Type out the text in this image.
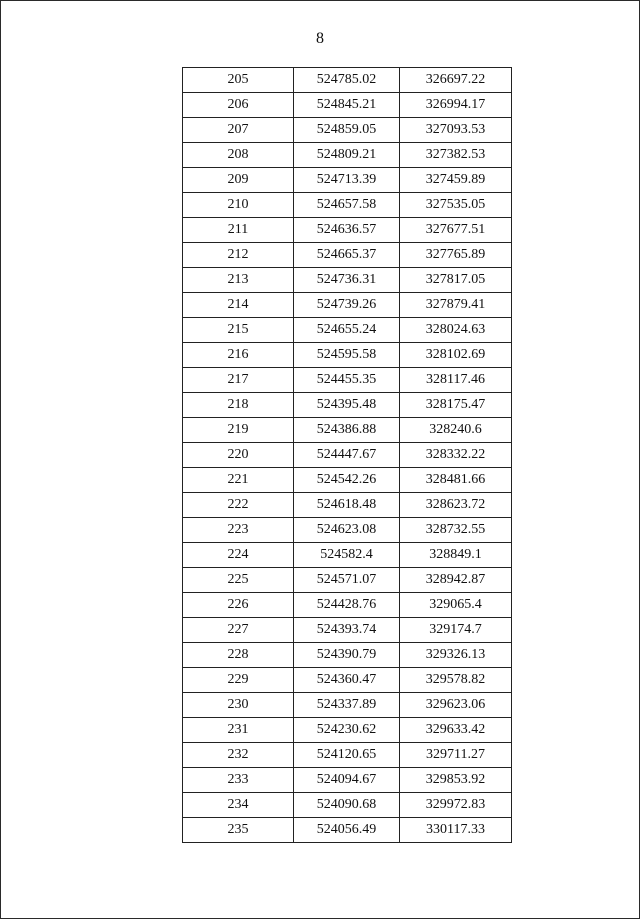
8
205	524785.02	326697.22
206	524845.21	326994.17
207	524859.05	327093.53
208	524809.21	327382.53
209	524713.39	327459.89
210	524657.58	327535.05
211	524636.57	327677.51
212	524665.37	327765.89
213	524736.31	327817.05
214	524739.26	327879.41
215	524655.24	328024.63
216	524595.58	328102.69
217	524455.35	328117.46
218	524395.48	328175.47
219	524386.88	328240.6
220	524447.67	328332.22
221	524542.26	328481.66
222	524618.48	328623.72
223	524623.08	328732.55
224	524582.4	328849.1
225	524571.07	328942.87
226	524428.76	329065.4
227	524393.74	329174.7
228	524390.79	329326.13
229	524360.47	329578.82
230	524337.89	329623.06
231	524230.62	329633.42
232	524120.65	329711.27
233	524094.67	329853.92
234	524090.68	329972.83
235	524056.49	330117.33
